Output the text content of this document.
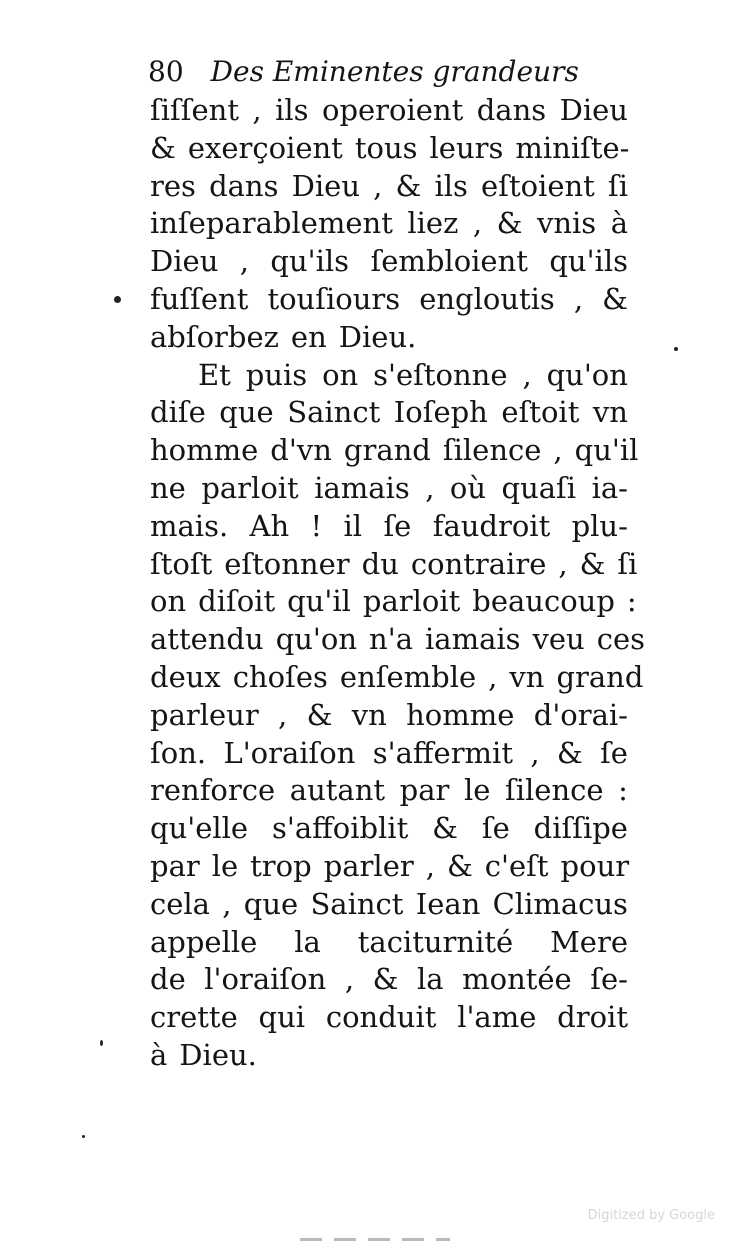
80 Des Eminentes grandeurs
ſiſſent , ils operoient dans Dieu
& exerçoient tous leurs miniſte-
res dans Dieu , & ils eſtoient ſi
inſeparablement liez , & vnis à
Dieu , qu'ils ſembloient qu'ils
fuſſent touſiours engloutis , &
abſorbez en Dieu.
Et puis on s'eſtonne , qu'on
diſe que Sainct Ioſeph eſtoit vn
homme d'vn grand ſilence , qu'il
ne parloit iamais , où quaſi ia-
mais. Ah ! il ſe faudroit plu-
ſtoſt eſtonner du contraire , & ſi
on diſoit qu'il parloit beaucoup :
attendu qu'on n'a iamais veu ces
deux choſes enſemble , vn grand
parleur , & vn homme d'orai-
ſon. L'oraiſon s'affermit , & ſe
renforce autant par le ſilence :
qu'elle s'affoiblit & ſe diſſipe
par le trop parler , & c'eſt pour
cela , que Sainct Iean Climacus
appelle la taciturnité Mere
de l'oraiſon , & la montée ſe-
crette qui conduit l'ame droit
à Dieu.
Digitized by Google
